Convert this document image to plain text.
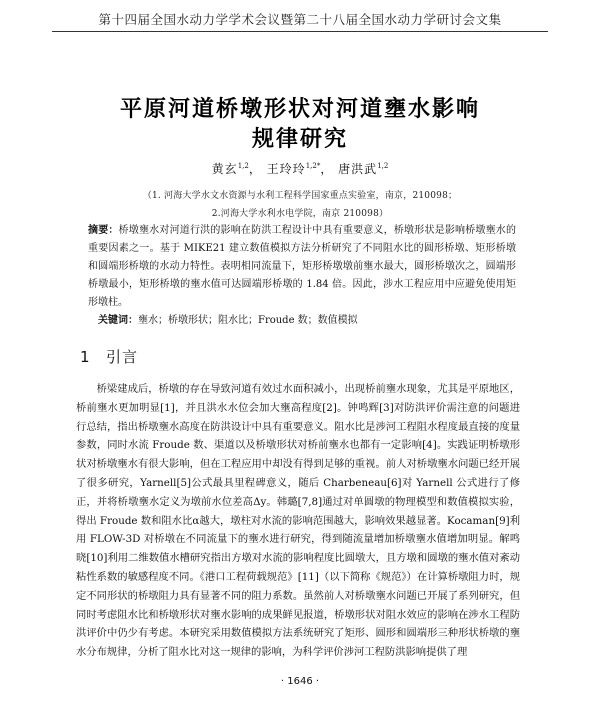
第十四届全国水动力学学术会议暨第二十八届全国水动力学研讨会文集
平原河道桥墩形状对河道壅水影响
规律研究
黄玄$^{1,2}$， 王玲玲$^{1,2*}$， 唐洪武$^{1,2}$
（1. 河海大学水文水资源与水利工程科学国家重点实验室，南京，210098；
2.河海大学水利水电学院，南京 210098）

摘要：桥墩壅水对河道行洪的影响在防洪工程设计中具有重要意义，桥墩形状是影响桥墩壅水的重要因素之一。基于 MIKE21 建立数值模拟方法分析研究了不同阻水比的圆形桥墩、矩形桥墩和圆端形桥墩的水动力特性。表明相同流量下，矩形桥墩墩前壅水最大，圆形桥墩次之，圆端形桥墩最小，矩形桥墩的壅水值可达圆端形桥墩的 1.84 倍。因此，涉水工程应用中应避免使用矩形墩柱。

关键词：壅水；桥墩形状；阻水比；Froude 数；数值模拟

1 引言

桥梁建成后，桥墩的存在导致河道有效过水面积减小，出现桥前壅水现象，尤其是平原地区，桥前壅水更加明显[1]，并且洪水水位会加大壅高程度[2]。钟鸣辉[3]对防洪评价需注意的问题进行总结，指出桥墩壅水高度在防洪设计中具有重要意义。阻水比是涉河工程阻水程度最直接的度量参数，同时水流 Froude 数、渠道以及桥墩形状对桥前壅水也都有一定影响[4]。实践证明桥墩形状对桥墩壅水有很大影响，但在工程应用中却没有得到足够的重视。前人对桥墩壅水问题已经开展了很多研究，Yarnell[5]公式最具里程碑意义，随后 Charbeneau[6]对 Yarnell 公式进行了修正，并将桥墩壅水定义为墩前水位差高Δy。韩璐[7,8]通过对单圆墩的物理模型和数值模拟实验，得出 Froude 数和阻水比α越大，墩柱对水流的影响范围越大，影响效果越显著。Kocaman[9]利用 FLOW-3D 对桥墩在不同流量下的壅水进行研究，得到随流量增加桥墩壅水值增加明显。解鸣晓[10]利用二维数值水槽研究指出方墩对水流的影响程度比圆墩大，且方墩和圆墩的壅水值对紊动粘性系数的敏感程度不同。《港口工程荷载规范》[11]（以下简称《规范》）在计算桥墩阻力时，规定不同形状的桥墩阻力具有显著不同的阻力系数。虽然前人对桥墩壅水问题已开展了系列研究，但同时考虑阻水比和桥墩形状对壅水影响的成果鲜见报道，桥墩形状对阻水效应的影响在涉水工程防洪评价中仍少有考虑。本研究采用数值模拟方法系统研究了矩形、圆形和圆端形三种形状桥墩的壅水分布规律，分析了阻水比对这一规律的影响，为科学评价涉河工程防洪影响提供了理

· 1646 ·
